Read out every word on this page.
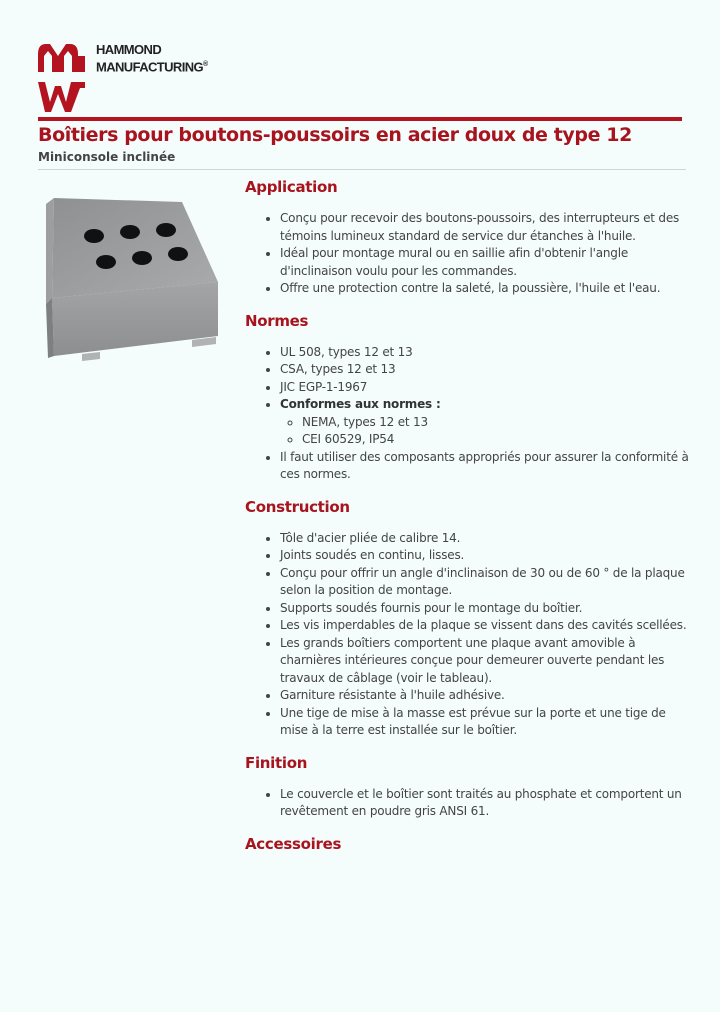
HAMMOND
MANUFACTURING®
Boîtiers pour boutons-poussoirs en acier doux de type 12
Miniconsole inclinée
Application
• Conçu pour recevoir des boutons-poussoirs, des interrupteurs et des témoins lumineux standard de service dur étanches à l'huile.
• Idéal pour montage mural ou en saillie afin d'obtenir l'angle d'inclinaison voulu pour les commandes.
• Offre une protection contre la saleté, la poussière, l'huile et l'eau.
Normes
• UL 508, types 12 et 13
• CSA, types 12 et 13
• JIC EGP-1-1967
• Conformes aux normes :
◦ NEMA, types 12 et 13
◦ CEI 60529, IP54
• Il faut utiliser des composants appropriés pour assurer la conformité à ces normes.
Construction
• Tôle d'acier pliée de calibre 14.
• Joints soudés en continu, lisses.
• Conçu pour offrir un angle d'inclinaison de 30 ou de 60 ° de la plaque selon la position de montage.
• Supports soudés fournis pour le montage du boîtier.
• Les vis imperdables de la plaque se vissent dans des cavités scellées.
• Les grands boîtiers comportent une plaque avant amovible à charnières intérieures conçue pour demeurer ouverte pendant les travaux de câblage (voir le tableau).
• Garniture résistante à l'huile adhésive.
• Une tige de mise à la masse est prévue sur la porte et une tige de mise à la terre est installée sur le boîtier.
Finition
• Le couvercle et le boîtier sont traités au phosphate et comportent un revêtement en poudre gris ANSI 61.
Accessoires
